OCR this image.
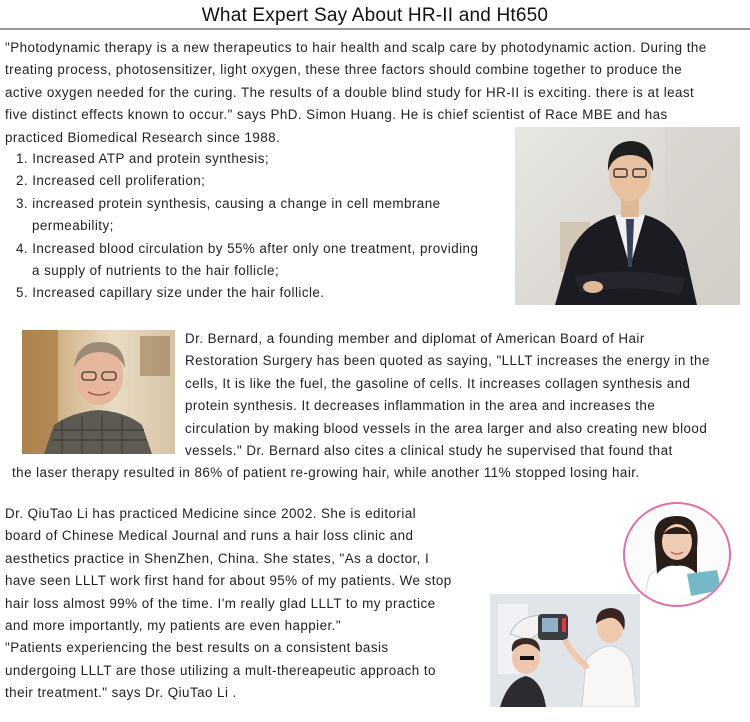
What Expert Say About HR-II and Ht650
"Photodynamic therapy is a new therapeutics to hair health and scalp care by photodynamic action. During the
treating process, photosensitizer, light oxygen, these three factors should combine together to produce the
active oxygen needed for the curing. The results of a double blind study for HR-II is exciting. there is at least
five distinct effects known to occur." says PhD. Simon Huang. He is chief scientist of Race MBE and has
practiced Biomedical Research since 1988.
1. Increased ATP and protein synthesis;
2. Increased cell proliferation;
3. increased protein synthesis, causing a change in cell membrane
permeability;
4. Increased blood circulation by 55% after only one treatment, providing
a supply of nutrients to the hair follicle;
5. Increased capillary size under the hair follicle.
Dr. Bernard, a founding member and diplomat of American Board of Hair
Restoration Surgery has been quoted as saying, "LLLT increases the energy in the
cells, It is like the fuel, the gasoline of cells. It increases collagen synthesis and
protein synthesis. It decreases inflammation in the area and increases the
circulation by making blood vessels in the area larger and also creating new blood
vessels." Dr. Bernard also cites a clinical study he supervised that found that
the laser therapy resulted in 86% of patient re-growing hair, while another 11% stopped losing hair.
Dr. QiuTao Li has practiced Medicine since 2002. She is editorial
board of Chinese Medical Journal and runs a hair loss clinic and
aesthetics practice in ShenZhen, China. She states, "As a doctor, I
have seen LLLT work first hand for about 95% of my patients. We stop
hair loss almost 99% of the time. I'm really glad LLLT to my practice
and more importantly, my patients are even happier."
"Patients experiencing the best results on a consistent basis
undergoing LLLT are those utilizing a mult-thereapeutic approach to
their treatment." says Dr. QiuTao Li .
